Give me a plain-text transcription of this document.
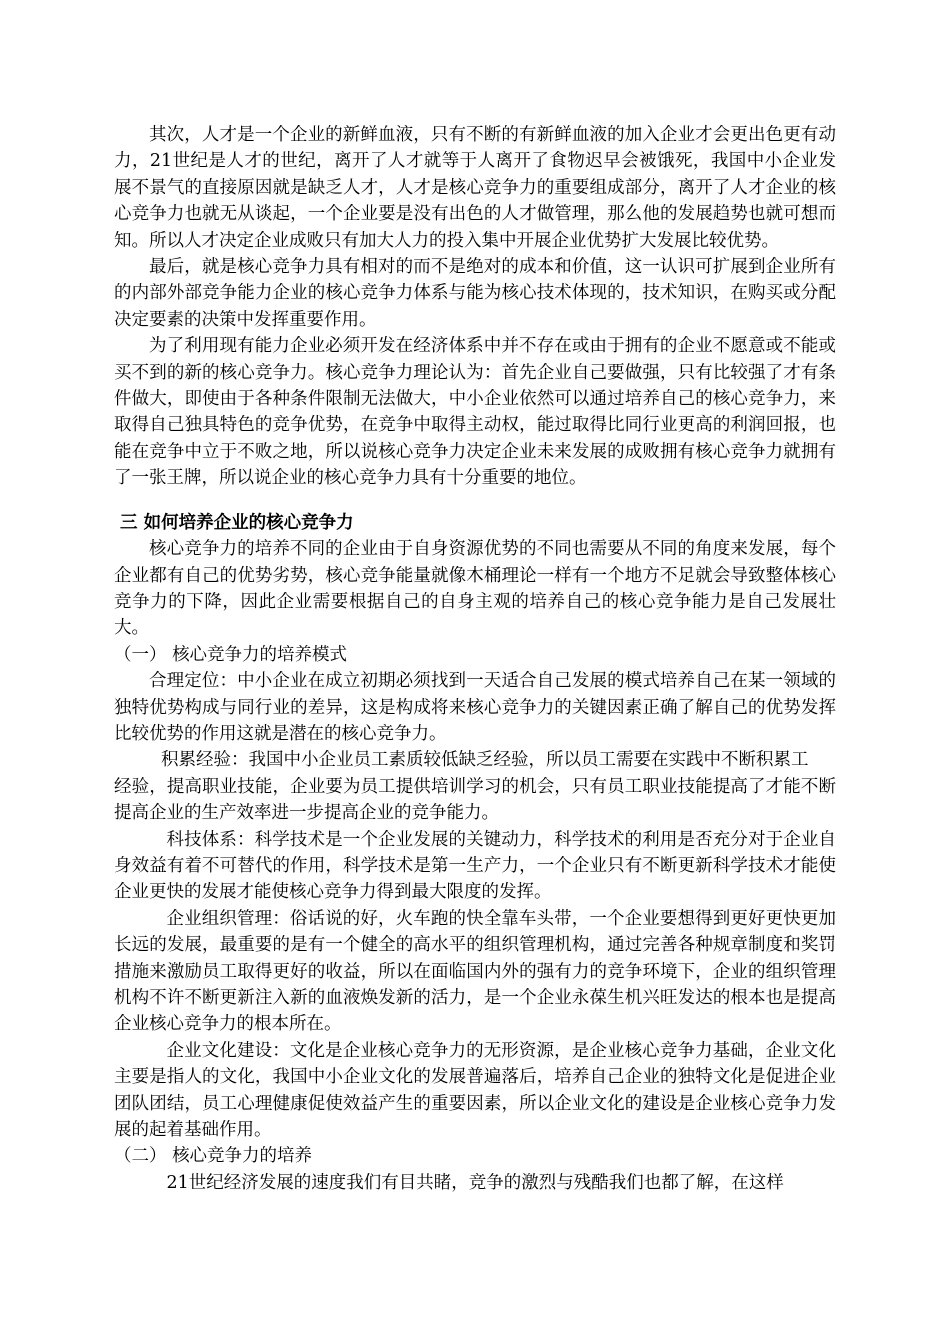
其次，人才是一个企业的新鲜血液，只有不断的有新鲜血液的加入企业才会更出色更有动力，21世纪是人才的世纪，离开了人才就等于人离开了食物迟早会被饿死，我国中小企业发展不景气的直接原因就是缺乏人才，人才是核心竞争力的重要组成部分，离开了人才企业的核心竞争力也就无从谈起，一个企业要是没有出色的人才做管理，那么他的发展趋势也就可想而知。所以人才决定企业成败只有加大人力的投入集中开展企业优势扩大发展比较优势。

最后，就是核心竞争力具有相对的而不是绝对的成本和价值，这一认识可扩展到企业所有的内部外部竞争能力企业的核心竞争力体系与能为核心技术体现的，技术知识，在购买或分配决定要素的决策中发挥重要作用。

为了利用现有能力企业必须开发在经济体系中并不存在或由于拥有的企业不愿意或不能或买不到的新的核心竞争力。核心竞争力理论认为：首先企业自己要做强，只有比较强了才有条件做大，即使由于各种条件限制无法做大，中小企业依然可以通过培养自己的核心竞争力，来取得自己独具特色的竞争优势，在竞争中取得主动权，能过取得比同行业更高的利润回报，也能在竞争中立于不败之地，所以说核心竞争力决定企业未来发展的成败拥有核心竞争力就拥有了一张王牌，所以说企业的核心竞争力具有十分重要的地位。

三 如何培养企业的核心竞争力

核心竞争力的培养不同的企业由于自身资源优势的不同也需要从不同的角度来发展，每个企业都有自己的优势劣势，核心竞争能量就像木桶理论一样有一个地方不足就会导致整体核心竞争力的下降，因此企业需要根据自己的自身主观的培养自己的核心竞争能力是自己发展壮大。

（一） 核心竞争力的培养模式

合理定位：中小企业在成立初期必须找到一天适合自己发展的模式培养自己在某一领域的独特优势构成与同行业的差异，这是构成将来核心竞争力的关键因素正确了解自己的优势发挥比较优势的作用这就是潜在的核心竞争力。

积累经验：我国中小企业员工素质较低缺乏经验，所以员工需要在实践中不断积累工

经验，提高职业技能，企业要为员工提供培训学习的机会，只有员工职业技能提高了才能不断提高企业的生产效率进一步提高企业的竞争能力。

科技体系：科学技术是一个企业发展的关键动力，科学技术的利用是否充分对于企业自身效益有着不可替代的作用，科学技术是第一生产力，一个企业只有不断更新科学技术才能使企业更快的发展才能使核心竞争力得到最大限度的发挥。

企业组织管理：俗话说的好，火车跑的快全靠车头带，一个企业要想得到更好更快更加长远的发展，最重要的是有一个健全的高水平的组织管理机构，通过完善各种规章制度和奖罚措施来激励员工取得更好的收益，所以在面临国内外的强有力的竞争环境下，企业的组织管理机构不许不断更新注入新的血液焕发新的活力，是一个企业永葆生机兴旺发达的根本也是提高企业核心竞争力的根本所在。

企业文化建设：文化是企业核心竞争力的无形资源，是企业核心竞争力基础，企业文化主要是指人的文化，我国中小企业文化的发展普遍落后，培养自己企业的独特文化是促进企业团队团结，员工心理健康促使效益产生的重要因素，所以企业文化的建设是企业核心竞争力发展的起着基础作用。

（二） 核心竞争力的培养

21世纪经济发展的速度我们有目共睹，竞争的激烈与残酷我们也都了解，在这样
